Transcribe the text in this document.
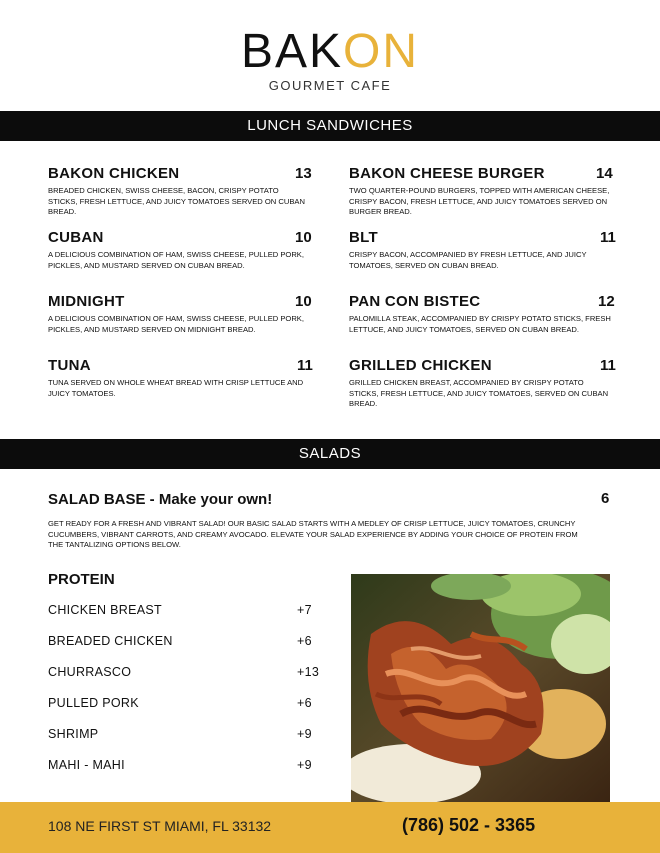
BAKON
GOURMET CAFE
LUNCH SANDWICHES
BAKON CHICKEN	13
BREADED CHICKEN, SWISS CHEESE, BACON, CRISPY POTATO STICKS, FRESH LETTUCE, AND JUICY TOMATOES SERVED ON CUBAN BREAD.
CUBAN	10
A DELICIOUS COMBINATION OF HAM, SWISS CHEESE, PULLED PORK, PICKLES, AND MUSTARD SERVED ON CUBAN BREAD.
MIDNIGHT	10
A DELICIOUS COMBINATION OF HAM, SWISS CHEESE, PULLED PORK, PICKLES, AND MUSTARD SERVED ON MIDNIGHT BREAD.
TUNA	11
TUNA SERVED ON WHOLE WHEAT BREAD WITH CRISP LETTUCE AND JUICY TOMATOES.
BAKON CHEESE BURGER	14
TWO QUARTER-POUND BURGERS, TOPPED WITH AMERICAN CHEESE, CRISPY BACON, FRESH LETTUCE, AND JUICY TOMATOES SERVED ON BURGER BREAD.
BLT	11
CRISPY BACON, ACCOMPANIED BY FRESH LETTUCE, AND JUICY TOMATOES, SERVED ON CUBAN BREAD.
PAN CON BISTEC	12
PALOMILLA STEAK, ACCOMPANIED BY CRISPY POTATO STICKS, FRESH LETTUCE, AND JUICY TOMATOES, SERVED ON CUBAN BREAD.
GRILLED CHICKEN	11
GRILLED CHICKEN BREAST, ACCOMPANIED BY CRISPY POTATO STICKS, FRESH LETTUCE, AND JUICY TOMATOES, SERVED ON CUBAN BREAD.
SALADS
SALAD BASE - Make your own!	6
GET READY FOR A FRESH AND VIBRANT SALAD! OUR BASIC SALAD STARTS WITH A MEDLEY OF CRISP LETTUCE, JUICY TOMATOES, CRUNCHY CUCUMBERS, VIBRANT CARROTS, AND CREAMY AVOCADO. ELEVATE YOUR SALAD EXPERIENCE BY ADDING YOUR CHOICE OF PROTEIN FROM THE TANTALIZING OPTIONS BELOW.
PROTEIN
CHICKEN BREAST	+7
BREADED CHICKEN	+6
CHURRASCO	+13
PULLED PORK	+6
SHRIMP	+9
MAHI - MAHI	+9
108 NE FIRST ST MIAMI, FL 33132	(786) 502 - 3365
